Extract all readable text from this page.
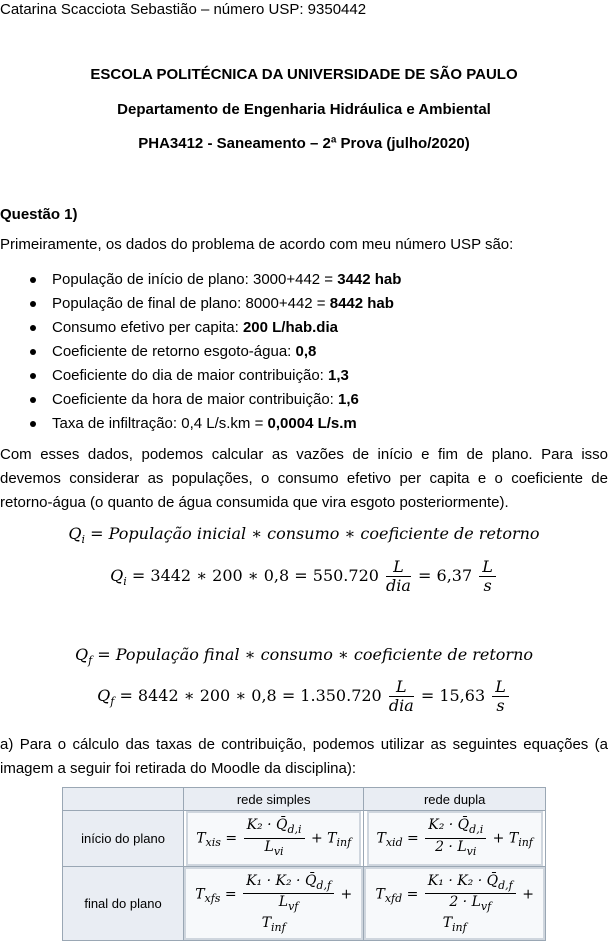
Catarina Scacciota Sebastião – número USP: 9350442
ESCOLA POLITÉCNICA DA UNIVERSIDADE DE SÃO PAULO
Departamento de Engenharia Hidráulica e Ambiental
PHA3412 - Saneamento – 2ª Prova (julho/2020)
Questão 1)
Primeiramente, os dados do problema de acordo com meu número USP são:
População de início de plano: 3000+442 = 3442 hab
População de final de plano: 8000+442 = 8442 hab
Consumo efetivo per capita: 200 L/hab.dia
Coeficiente de retorno esgoto-água: 0,8
Coeficiente do dia de maior contribuição: 1,3
Coeficiente da hora de maior contribuição: 1,6
Taxa de infiltração: 0,4 L/s.km = 0,0004 L/s.m
Com esses dados, podemos calcular as vazões de início e fim de plano. Para isso devemos considerar as populações, o consumo efetivo per capita e o coeficiente de retorno-água (o quanto de água consumida que vira esgoto posteriormente).
$Q_i$ = População inicial ∗ consumo ∗ coeficiente de retorno
$Q_i = 3442$ ∗ 200 ∗ $0,8 = 550.720 \frac{L}{\text{dia}} = 6,37 \frac{L}{s}$
$Q_f$ = População final ∗ consumo ∗ coeficiente de retorno
$Q_f = 8442$ ∗ 200 ∗ $0,8 = 1.350.720 \frac{L}{\text{dia}} = 15,63 \frac{L}{s}$
a) Para o cálculo das taxas de contribuição, podemos utilizar as seguintes equações (a imagem a seguir foi retirada do Moodle da disciplina):
	rede simples	rede dupla
início do plano	$T_{xis} = \frac{K_2 \cdot Q̄_{d,i}}{L_{vi}} + T_{inf}$	$T_{xid} = \frac{K_2 \cdot Q̄_{d,i}}{2 \cdot L_{vi}} + T_{inf}$
final do plano	$T_{xfs} = \frac{K_1 \cdot K_2 \cdot Q̄_{d,f}}{L_{vf}} + T_{inf}$	$T_{xfd} = \frac{K_1 \cdot K_2 \cdot Q̄_{d,f}}{2 \cdot L_{vf}} + T_{inf}$
